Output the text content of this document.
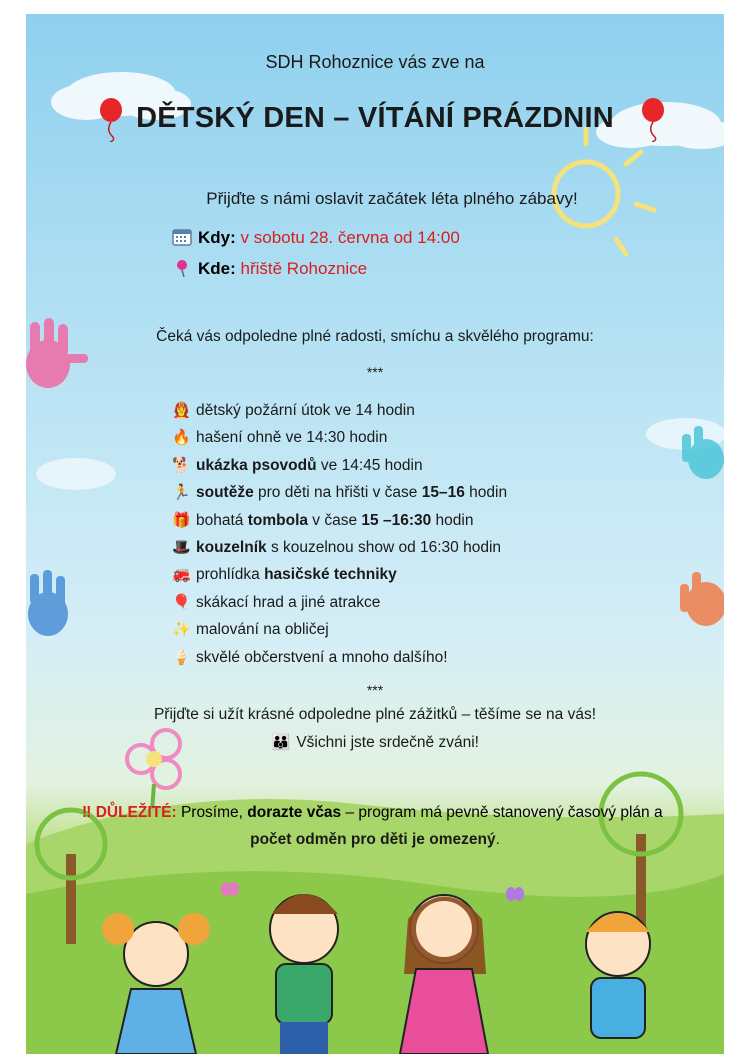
SDH Rohoznice vás zve na
DĚTSKÝ DEN – VÍTÁNÍ PRÁZDNIN
Přijďte s námi oslavit začátek léta plného zábavy!
Kdy: v sobotu 28. června od 14:00
Kde: hřiště Rohoznice
Čeká vás odpoledne plné radosti, smíchu a skvělého programu:
***
👩‍🚒 dětský požární útok ve 14 hodin
🔥 hašení ohně ve 14:30 hodin
🐕 ukázka psovodů ve 14:45 hodin
🏃 soutěže pro děti na hřišti v čase 15–16 hodin
🎁 bohatá tombola v čase 15 –16:30 hodin
🎩 kouzelník s kouzelnou show od 16:30 hodin
🚒 prohlídka hasičské techniky
🎈 skákací hrad a jiné atrakce
✨ malování na obličej
🍦 skvělé občerstvení a mnoho dalšího!
***
Přijďte si užít krásné odpoledne plné zážitků – těšíme se na vás!
👪 Všichni jste srdečně zváni!
‼ DŮLEŽITÉ: Prosíme, dorazte včas – program má pevně stanovený časový plán a
počet odměn pro děti je omezený.
